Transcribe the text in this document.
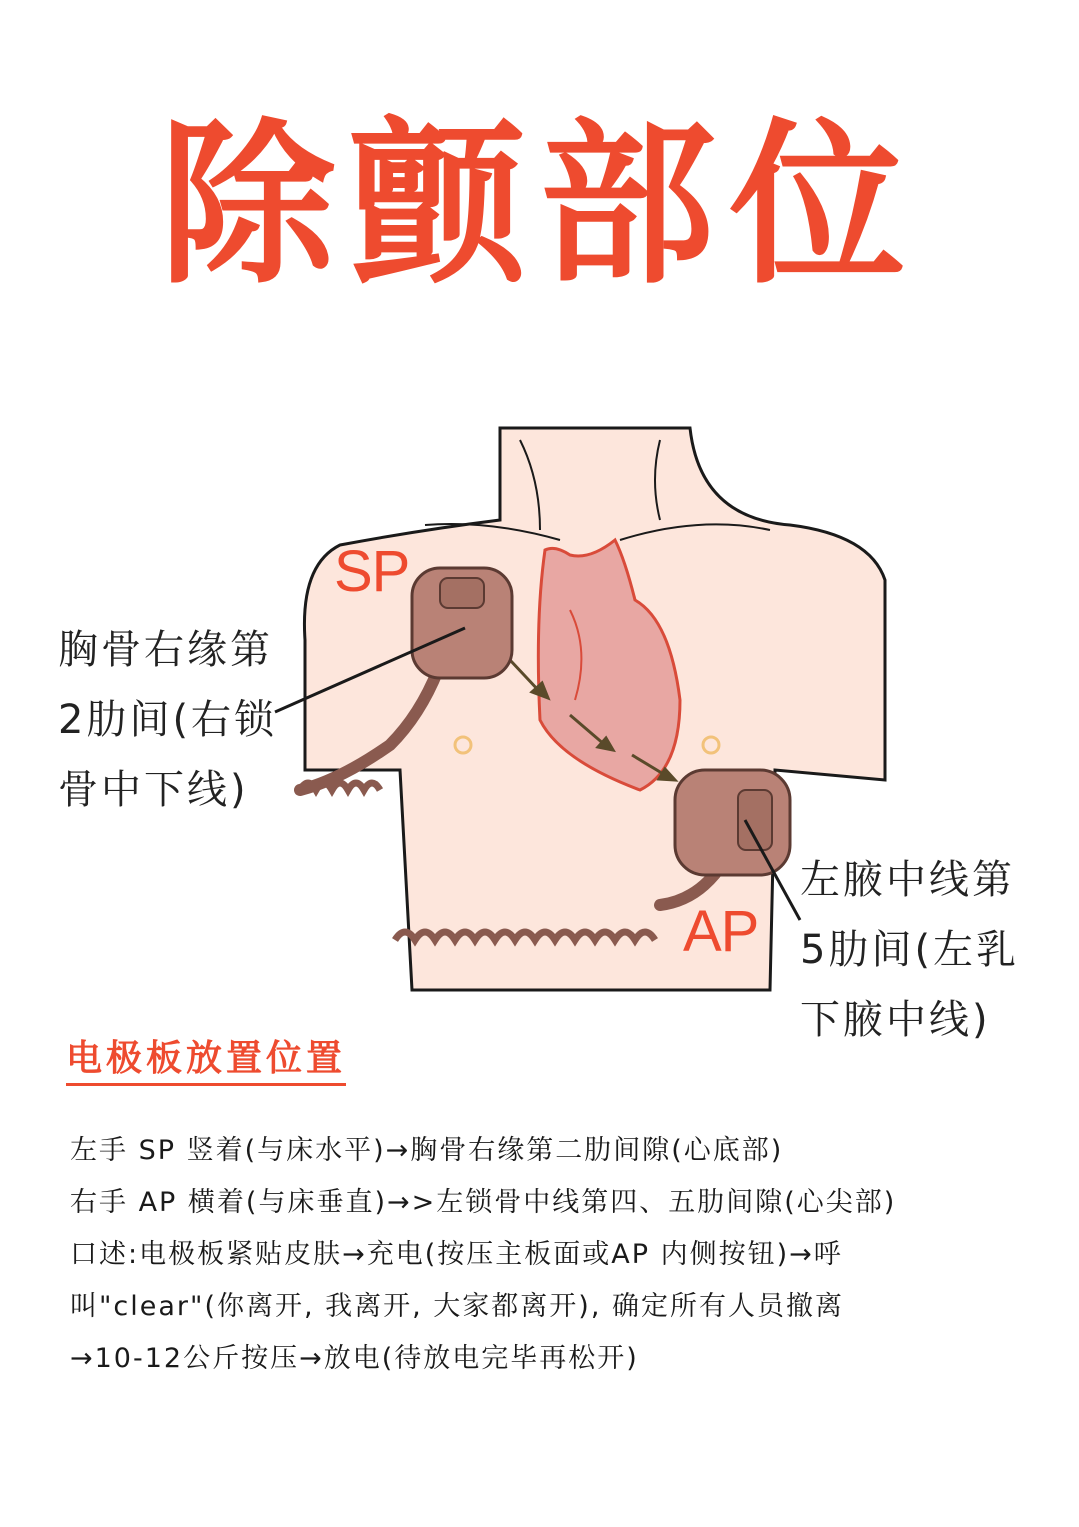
除颤部位
SP
AP
胸骨右缘第
2肋间(右锁
骨中下线)
左腋中线第
5肋间(左乳
下腋中线)
电极板放置位置
左手 SP 竖着(与床水平)→胸骨右缘第二肋间隙(心底部)
右手 AP 横着(与床垂直)→>左锁骨中线第四、五肋间隙(心尖部)
口述:电极板紧贴皮肤→充电(按压主板面或AP 内侧按钮)→呼
叫"clear"(你离开, 我离开, 大家都离开), 确定所有人员撤离
→10-12公斤按压→放电(待放电完毕再松开)
